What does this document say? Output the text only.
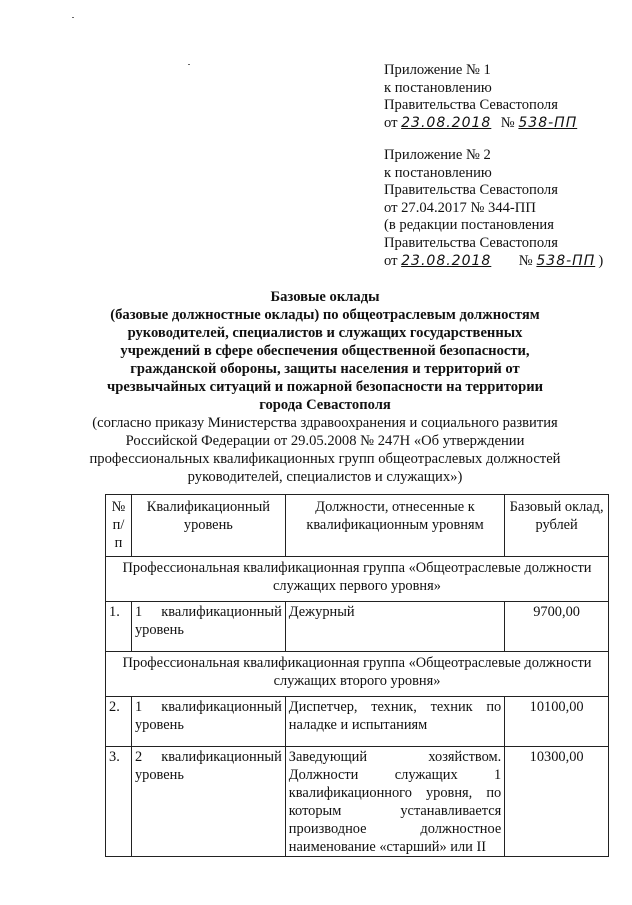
Приложение № 1
к постановлению
Правительства Севастополя
от 23.08.2018 № 538-ПП
Приложение № 2
к постановлению
Правительства Севастополя
от 27.04.2017 № 344-ПП
(в редакции постановления
Правительства Севастополя
от 23.08.2018 № 538-ПП )
Базовые оклады
(базовые должностные оклады) по общеотраслевым должностям
руководителей, специалистов и служащих государственных
учреждений в сфере обеспечения общественной безопасности,
гражданской обороны, защиты населения и территорий от
чрезвычайных ситуаций и пожарной безопасности на территории
города Севастополя
(согласно приказу Министерства здравоохранения и социального развития
Российской Федерации от 29.05.2008 № 247Н «Об утверждении
профессиональных квалификационных групп общеотраслевых должностей
руководителей, специалистов и служащих»)
№ п/п	Квалификационный уровень	Должности, отнесенные к квалификационным уровням	Базовый оклад, рублей
Профессиональная квалификационная группа «Общеотраслевые должности служащих первого уровня»			
1.	1 квалификационный уровень	Дежурный	9700,00
Профессиональная квалификационная группа «Общеотраслевые должности служащих второго уровня»			
2.	1 квалификационный уровень	Диспетчер, техник, техник по наладке и испытаниям	10100,00
3.	2 квалификационный уровень	Заведующий хозяйством. Должности служащих 1 квалификационного уровня, по которым устанавливается производное должностное наименование «старший» или II	10300,00
